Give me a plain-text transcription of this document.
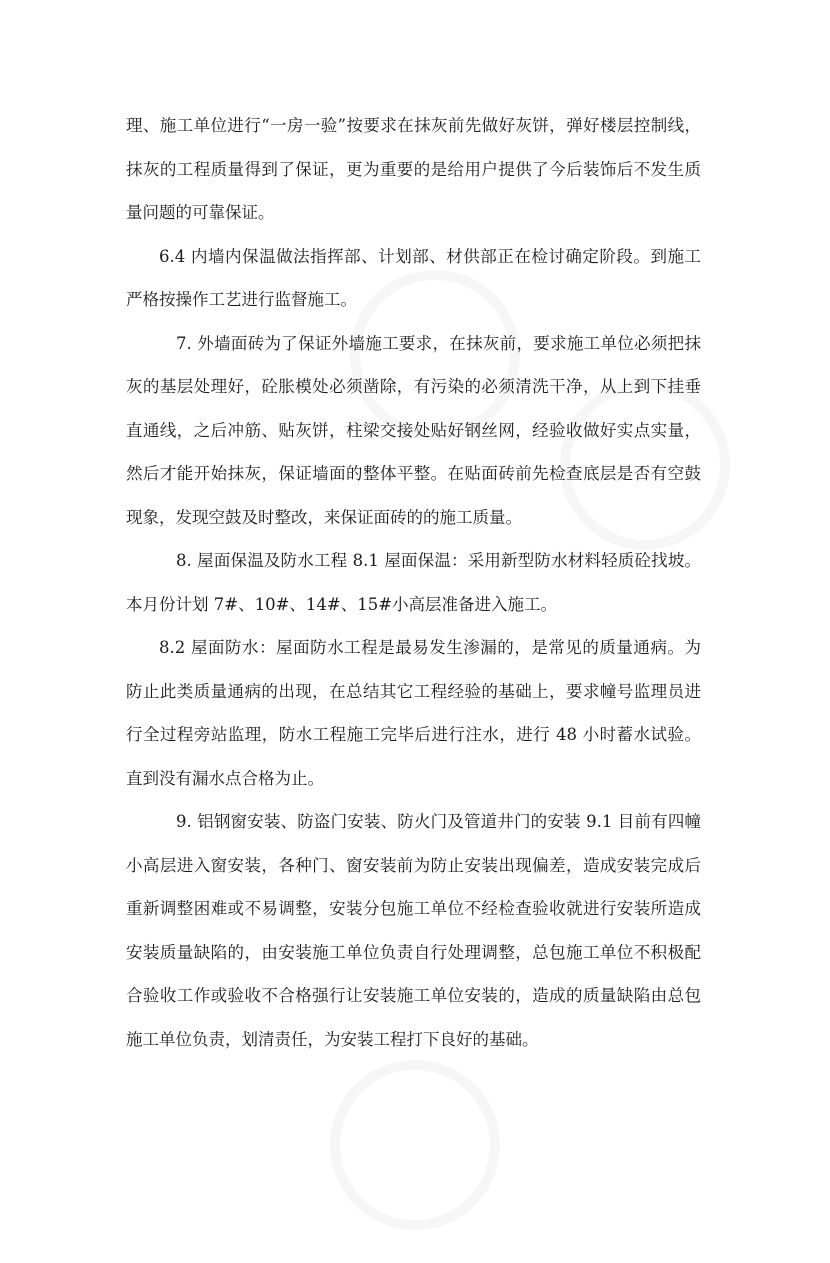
理、施工单位进行“一房一验”按要求在抹灰前先做好灰饼，弹好楼层控制线，抹灰的工程质量得到了保证，更为重要的是给用户提供了今后装饰后不发生质量问题的可靠保证。

6.4 内墙内保温做法指挥部、计划部、材供部正在检讨确定阶段。到施工严格按操作工艺进行监督施工。

7. 外墙面砖为了保证外墙施工要求，在抹灰前，要求施工单位必须把抹灰的基层处理好，砼胀模处必须凿除，有污染的必须清洗干净，从上到下挂垂直通线，之后冲筋、贴灰饼，柱梁交接处贴好钢丝网，经验收做好实点实量，然后才能开始抹灰，保证墙面的整体平整。在贴面砖前先检查底层是否有空鼓现象，发现空鼓及时整改，来保证面砖的的施工质量。

8. 屋面保温及防水工程 8.1 屋面保温：采用新型防水材料轻质砼找坡。本月份计划 7#、10#、14#、15#小高层准备进入施工。

8.2 屋面防水：屋面防水工程是最易发生渗漏的，是常见的质量通病。为防止此类质量通病的出现，在总结其它工程经验的基础上，要求幢号监理员进行全过程旁站监理，防水工程施工完毕后进行注水，进行 48 小时蓄水试验。直到没有漏水点合格为止。

9. 铝钢窗安装、防盗门安装、防火门及管道井门的安装 9.1 目前有四幢小高层进入窗安装，各种门、窗安装前为防止安装出现偏差，造成安装完成后重新调整困难或不易调整，安装分包施工单位不经检查验收就进行安装所造成安装质量缺陷的，由安装施工单位负责自行处理调整，总包施工单位不积极配合验收工作或验收不合格强行让安装施工单位安装的，造成的质量缺陷由总包施工单位负责，划清责任，为安装工程打下良好的基础。
